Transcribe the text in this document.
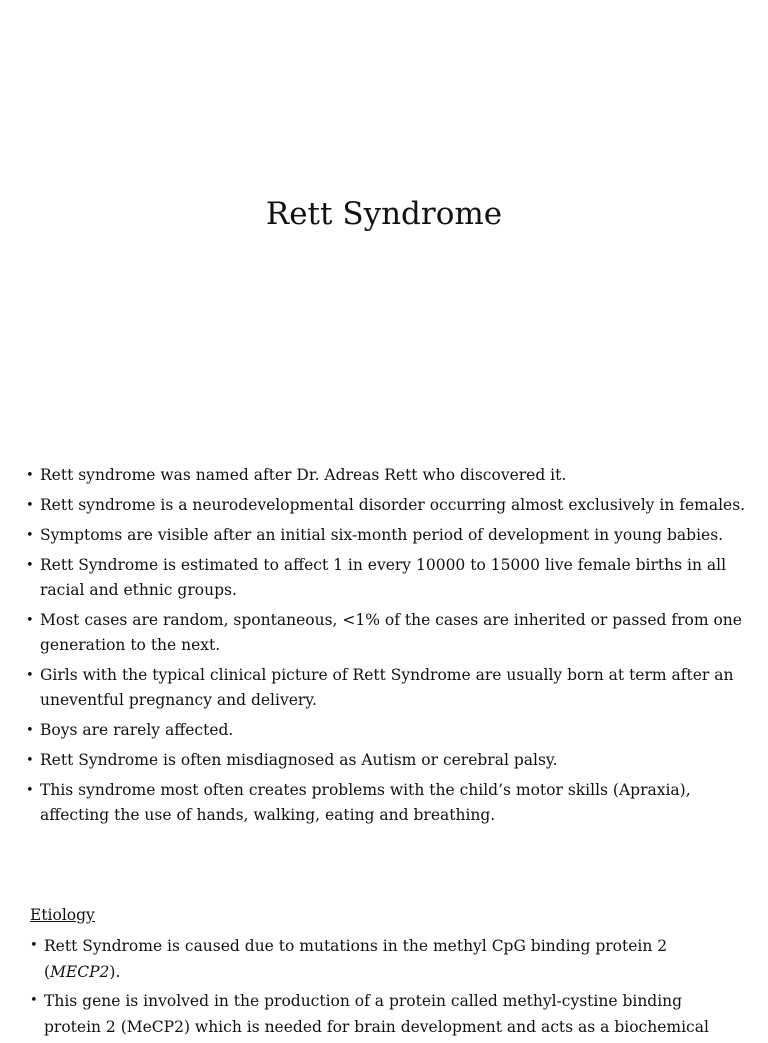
Rett Syndrome
• Rett syndrome was named after Dr. Adreas Rett who discovered it.
• Rett syndrome is a neurodevelopmental disorder occurring almost exclusively in females.
• Symptoms are visible after an initial six-month period of development in young babies.
• Rett Syndrome is estimated to affect 1 in every 10000 to 15000 live female births in all racial and ethnic groups.
• Most cases are random, spontaneous, <1% of the cases are inherited or passed from one generation to the next.
• Girls with the typical clinical picture of Rett Syndrome are usually born at term after an uneventful pregnancy and delivery.
• Boys are rarely affected.
• Rett Syndrome is often misdiagnosed as Autism or cerebral palsy.
• This syndrome most often creates problems with the child’s motor skills (Apraxia), affecting the use of hands, walking, eating and breathing.
Etiology
• Rett Syndrome is caused due to mutations in the methyl CpG binding protein 2 (MECP2).
• This gene is involved in the production of a protein called methyl-cystine binding protein 2 (MeCP2) which is needed for brain development and acts as a biochemical
